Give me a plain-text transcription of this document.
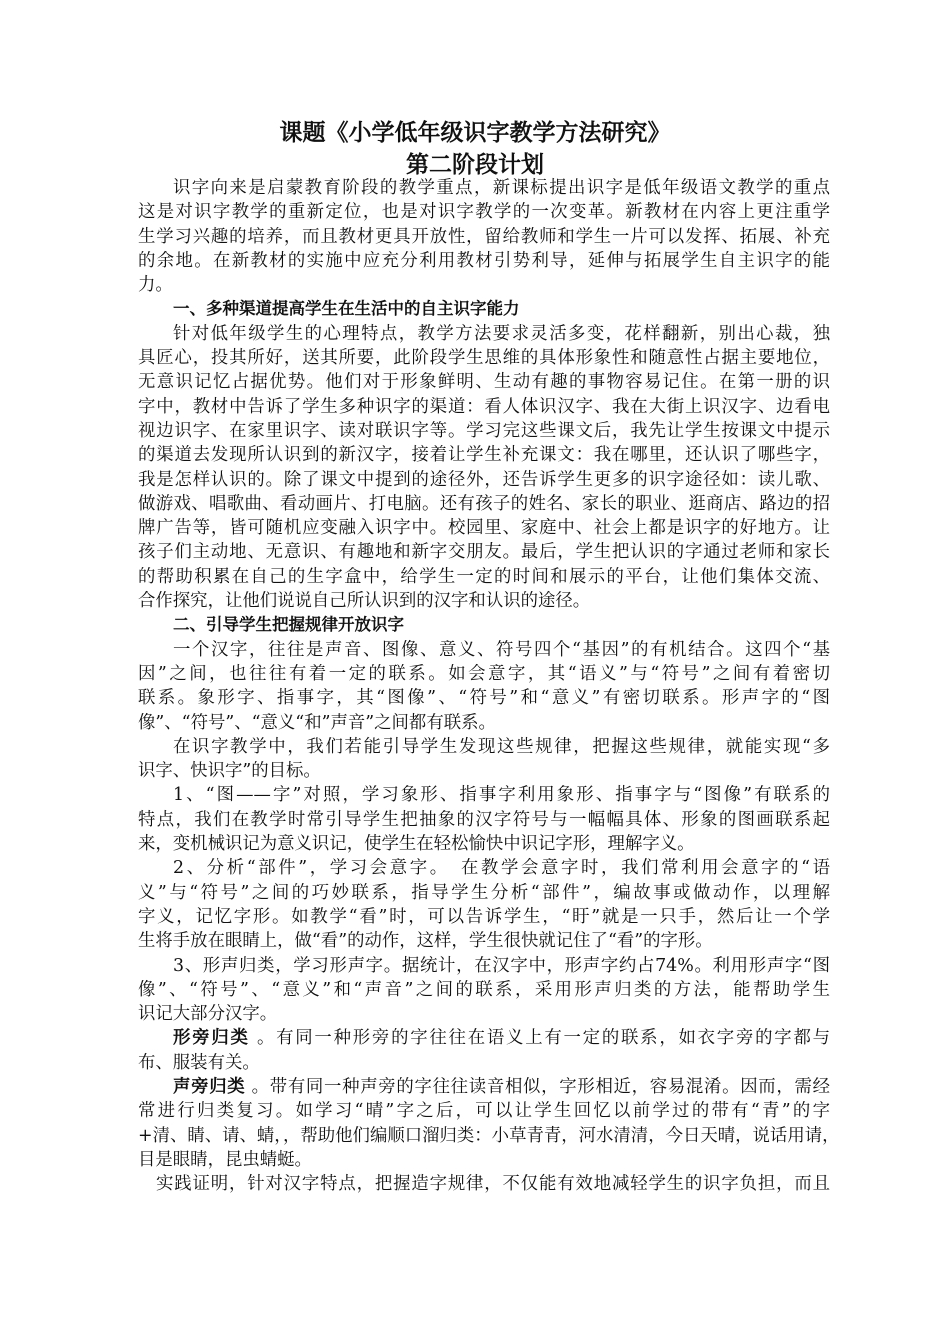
课题《小学低年级识字教学方法研究》
第二阶段计划
识字向来是启蒙教育阶段的教学重点，新课标提出识字是低年级语文教学的重点
这是对识字教学的重新定位，也是对识字教学的一次变革。新教材在内容上更注重学
生学习兴趣的培养，而且教材更具开放性，留给教师和学生一片可以发挥、拓展、补充
的余地。在新教材的实施中应充分利用教材引势利导，延伸与拓展学生自主识字的能
力。
一、多种渠道提高学生在生活中的自主识字能力
针对低年级学生的心理特点，教学方法要求灵活多变，花样翻新，别出心裁，独
具匠心，投其所好，送其所要，此阶段学生思维的具体形象性和随意性占据主要地位，
无意识记忆占据优势。他们对于形象鲜明、生动有趣的事物容易记住。在第一册的识
字中，教材中告诉了学生多种识字的渠道：看人体识汉字、我在大街上识汉字、边看电
视边识字、在家里识字、读对联识字等。学习完这些课文后，我先让学生按课文中提示
的渠道去发现所认识到的新汉字，接着让学生补充课文：我在哪里，还认识了哪些字，
我是怎样认识的。除了课文中提到的途径外，还告诉学生更多的识字途径如：读儿歌、
做游戏、唱歌曲、看动画片、打电脑。还有孩子的姓名、家长的职业、逛商店、路边的招
牌广告等，皆可随机应变融入识字中。校园里、家庭中、社会上都是识字的好地方。让
孩子们主动地、无意识、有趣地和新字交朋友。最后，学生把认识的字通过老师和家长
的帮助积累在自己的生字盒中，给学生一定的时间和展示的平台，让他们集体交流、
合作探究，让他们说说自己所认识到的汉字和认识的途径。
二、引导学生把握规律开放识字
一个汉字，往往是声音、图像、意义、符号四个“基因”的有机结合。这四个“基
因”之间，也往往有着一定的联系。如会意字，其“语义”与“符号”之间有着密切
联系。象形字、指事字，其“图像”、“符号”和“意义”有密切联系。形声字的“图
像”、“符号”、“意义“和”声音”之间都有联系。
在识字教学中，我们若能引导学生发现这些规律，把握这些规律，就能实现“多
识字、快识字”的目标。
1、“图——字”对照，学习象形、指事字利用象形、指事字与“图像”有联系的
特点，我们在教学时常引导学生把抽象的汉字符号与一幅幅具体、形象的图画联系起
来，变机械识记为意义识记，使学生在轻松愉快中识记字形，理解字义。
2、分析“部件”，学习会意字。　在教学会意字时，我们常利用会意字的“语
义”与“符号”之间的巧妙联系，指导学生分析“部件”，编故事或做动作，以理解
字义，记忆字形。如教学“看”时，可以告诉学生，“盱”就是一只手，然后让一个学
生将手放在眼睛上，做“看”的动作，这样，学生很快就记住了“看”的字形。
3、形声归类，学习形声字。据统计，在汉字中，形声字约占74%。利用形声字“图
像”、“符号”、“意义”和“声音”之间的联系，采用形声归类的方法，能帮助学生
识记大部分汉字。
形旁归类 。有同一种形旁的字往往在语义上有一定的联系，如衣字旁的字都与
布、服装有关。
声旁归类 。带有同一种声旁的字往往读音相似，字形相近，容易混淆。因而，需经
常进行归类复习。如学习“晴”字之后，可以让学生回忆以前学过的带有“青”的字
+清、睛、请、蜻，，帮助他们编顺口溜归类：小草青青，河水清清，今日天晴，说话用请，
目是眼睛，昆虫蜻蜓。
实践证明，针对汉字特点，把握造字规律，不仅能有效地减轻学生的识字负担，而且
